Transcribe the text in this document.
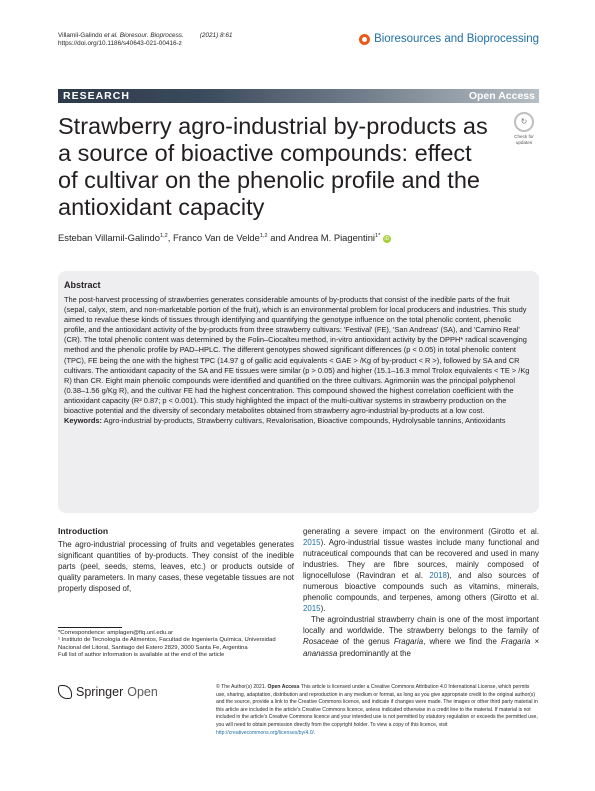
Villamil-Galindo et al. Bioresour. Bioprocess. (2021) 8:61
https://doi.org/10.1186/s40643-021-00416-z	Bioresources and Bioprocessing
RESEARCH	Open Access
Strawberry agro-industrial by-products as a source of bioactive compounds: effect of cultivar on the phenolic profile and the antioxidant capacity
↻
Check for
updates
Esteban Villamil-Galindo$^{1,2}$, Franco Van de Velde$^{1,2}$ and Andrea M. Piagentini$^{1*}$ iD
Abstract

The post-harvest processing of strawberries generates considerable amounts of by-products that consist of the inedible parts of the fruit (sepal, calyx, stem, and non-marketable portion of the fruit), which is an environmental problem for local producers and industries. This study aimed to revalue these kinds of tissues through identifying and quantifying the genotype influence on the total phenolic content, phenolic profile, and the antioxidant activity of the by-products from three strawberry cultivars: 'Festival' (FE), 'San Andreas' (SA), and 'Camino Real' (CR). The total phenolic content was determined by the Folin–Ciocalteu method, in-vitro antioxidant activity by the DPPH* radical scavenging method and the phenolic profile by PAD–HPLC. The different genotypes showed significant differences (p < 0.05) in total phenolic content (TPC), FE being the one with the highest TPC (14.97 g of gallic acid equivalents < GAE > /Kg of by-product < R >), followed by SA and CR cultivars. The antioxidant capacity of the SA and FE tissues were similar (p > 0.05) and higher (15.1–16.3 mmol Trolox equivalents < TE > /Kg R) than CR. Eight main phenolic compounds were identified and quantified on the three cultivars. Agrimoniin was the principal polyphenol (0.38–1.56 g/Kg R), and the cultivar FE had the highest concentration. This compound showed the highest correlation coefficient with the antioxidant capacity (R² 0.87; p < 0.001). This study highlighted the impact of the multi-cultivar systems in strawberry production on the bioactive potential and the diversity of secondary metabolites obtained from strawberry agro-industrial by-products at a low cost.

Keywords: Agro-industrial by-products, Strawberry cultivars, Revalorisation, Bioactive compounds, Hydrolysable tannins, Antioxidants

Introduction

The agro-industrial processing of fruits and vegetables generates significant quantities of by-products. They consist of the inedible parts (peel, seeds, stems, leaves, etc.) or products outside of quality parameters. In many cases, these vegetable tissues are not properly disposed of,

generating a severe impact on the environment (Girotto et al. 2015). Agro-industrial tissue wastes include many functional and nutraceutical compounds that can be recovered and used in many industries. They are fibre sources, mainly composed of lignocellulose (Ravindran et al. 2018), and also sources of numerous bioactive compounds such as vitamins, minerals, phenolic compounds, and terpenes, among others (Girotto et al. 2015).

The agroindustrial strawberry chain is one of the most important locally and worldwide. The strawberry belongs to the family of Rosaceae of the genus Fragaria, where we find the Fragaria × ananassa predominantly at the

*Correspondence: amplagen@fiq.unl.edu.ar
¹ Instituto de Tecnología de Alimentos, Facultad de Ingeniería Química, Universidad Nacional del Litoral, Santiago del Estero 2829, 3000 Santa Fe, Argentina
Full list of author information is available at the end of the article
Springer Open	© The Author(s) 2021. Open Access This article is licensed under a Creative Commons Attribution 4.0 International License, which permits use, sharing, adaptation, distribution and reproduction in any medium or format, as long as you give appropriate credit to the original author(s) and the source, provide a link to the Creative Commons licence, and indicate if changes were made. The images or other third party material in this article are included in the article's Creative Commons licence, unless indicated otherwise in a credit line to the material. If material is not included in the article's Creative Commons licence and your intended use is not permitted by statutory regulation or exceeds the permitted use, you will need to obtain permission directly from the copyright holder. To view a copy of this licence, visit http://creativecommons.org/licenses/by/4.0/.
